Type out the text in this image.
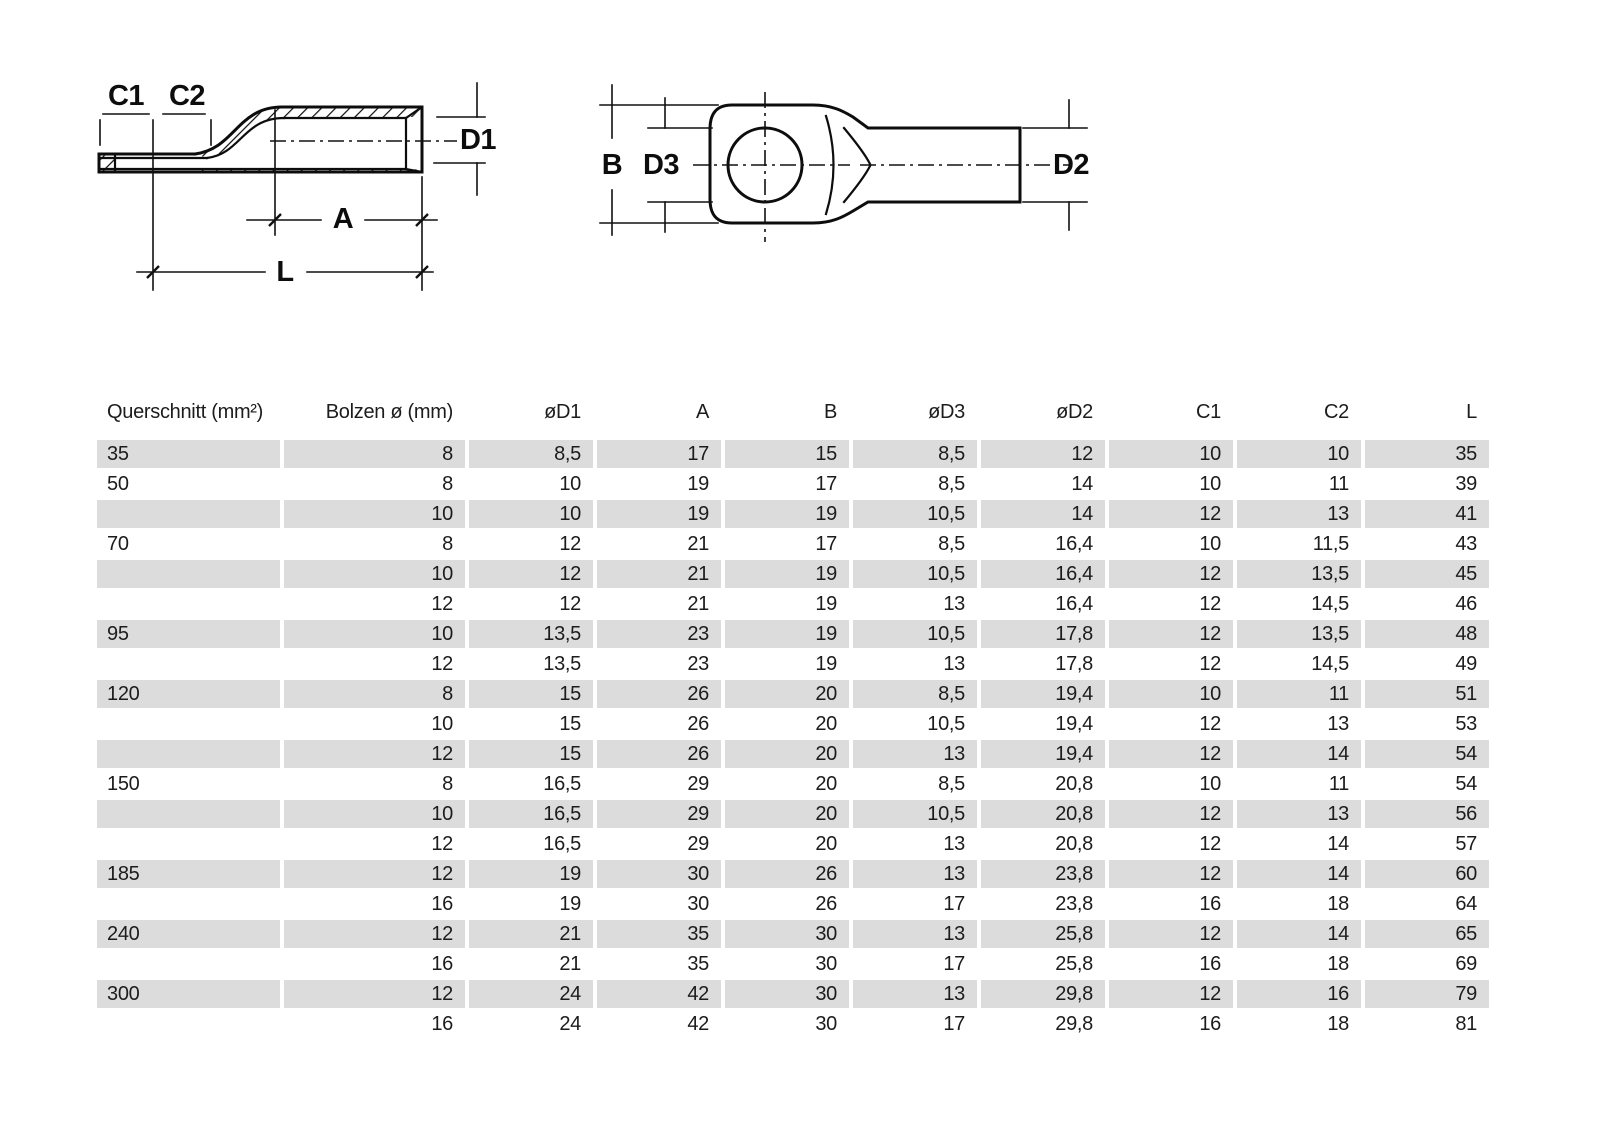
C1 C2
D1
A
L
B D3	D2
Querschnitt (mm²)	Bolzen ø (mm)	øD1	A	B	øD3	øD2	C1	C2	L
35	8	8,5	17	15	8,5	12	10	10	35
50	8	10	19	17	8,5	14	10	11	39
	10	10	19	19	10,5	14	12	13	41
70	8	12	21	17	8,5	16,4	10	11,5	43
	10	12	21	19	10,5	16,4	12	13,5	45
	12	12	21	19	13	16,4	12	14,5	46
95	10	13,5	23	19	10,5	17,8	12	13,5	48
	12	13,5	23	19	13	17,8	12	14,5	49
120	8	15	26	20	8,5	19,4	10	11	51
	10	15	26	20	10,5	19,4	12	13	53
	12	15	26	20	13	19,4	12	14	54
150	8	16,5	29	20	8,5	20,8	10	11	54
	10	16,5	29	20	10,5	20,8	12	13	56
	12	16,5	29	20	13	20,8	12	14	57
185	12	19	30	26	13	23,8	12	14	60
	16	19	30	26	17	23,8	16	18	64
240	12	21	35	30	13	25,8	12	14	65
	16	21	35	30	17	25,8	16	18	69
300	12	24	42	30	13	29,8	12	16	79
	16	24	42	30	17	29,8	16	18	81
